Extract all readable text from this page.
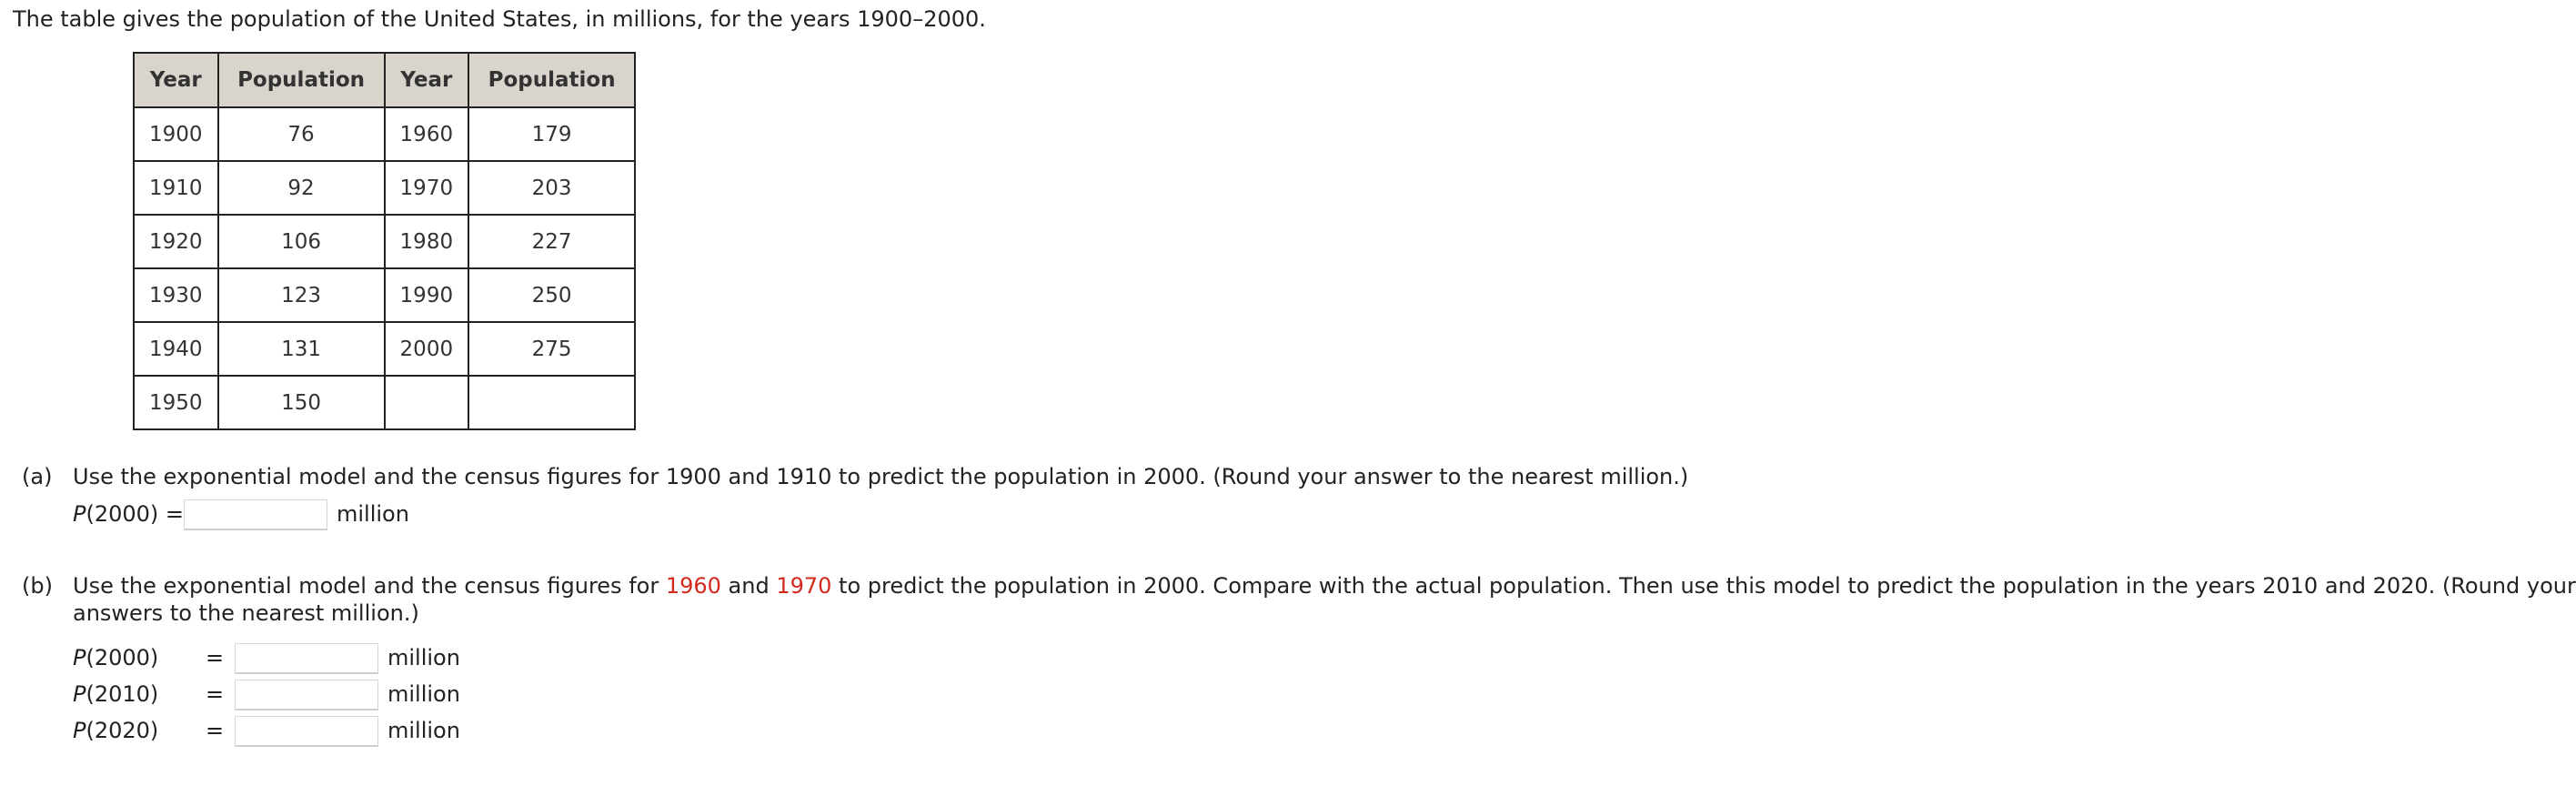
The table gives the population of the United States, in millions, for the years 1900–2000.
Year	Population	Year	Population
1900	76	1960	179
1910	92	1970	203
1920	106	1980	227
1930	123	1990	250
1940	131	2000	275
1950	150		
(a) Use the exponential model and the census figures for 1900 and 1910 to predict the population in 2000. (Round your answer to the nearest million.)
P(2000) =	million
(b) Use the exponential model and the census figures for 1960 and 1970 to predict the population in 2000. Compare with the actual population. Then use this model to predict the population in the years 2010 and 2020. (Round your
answers to the nearest million.)
P(2000) =	million
P(2010) =	million
P(2020) =	million
